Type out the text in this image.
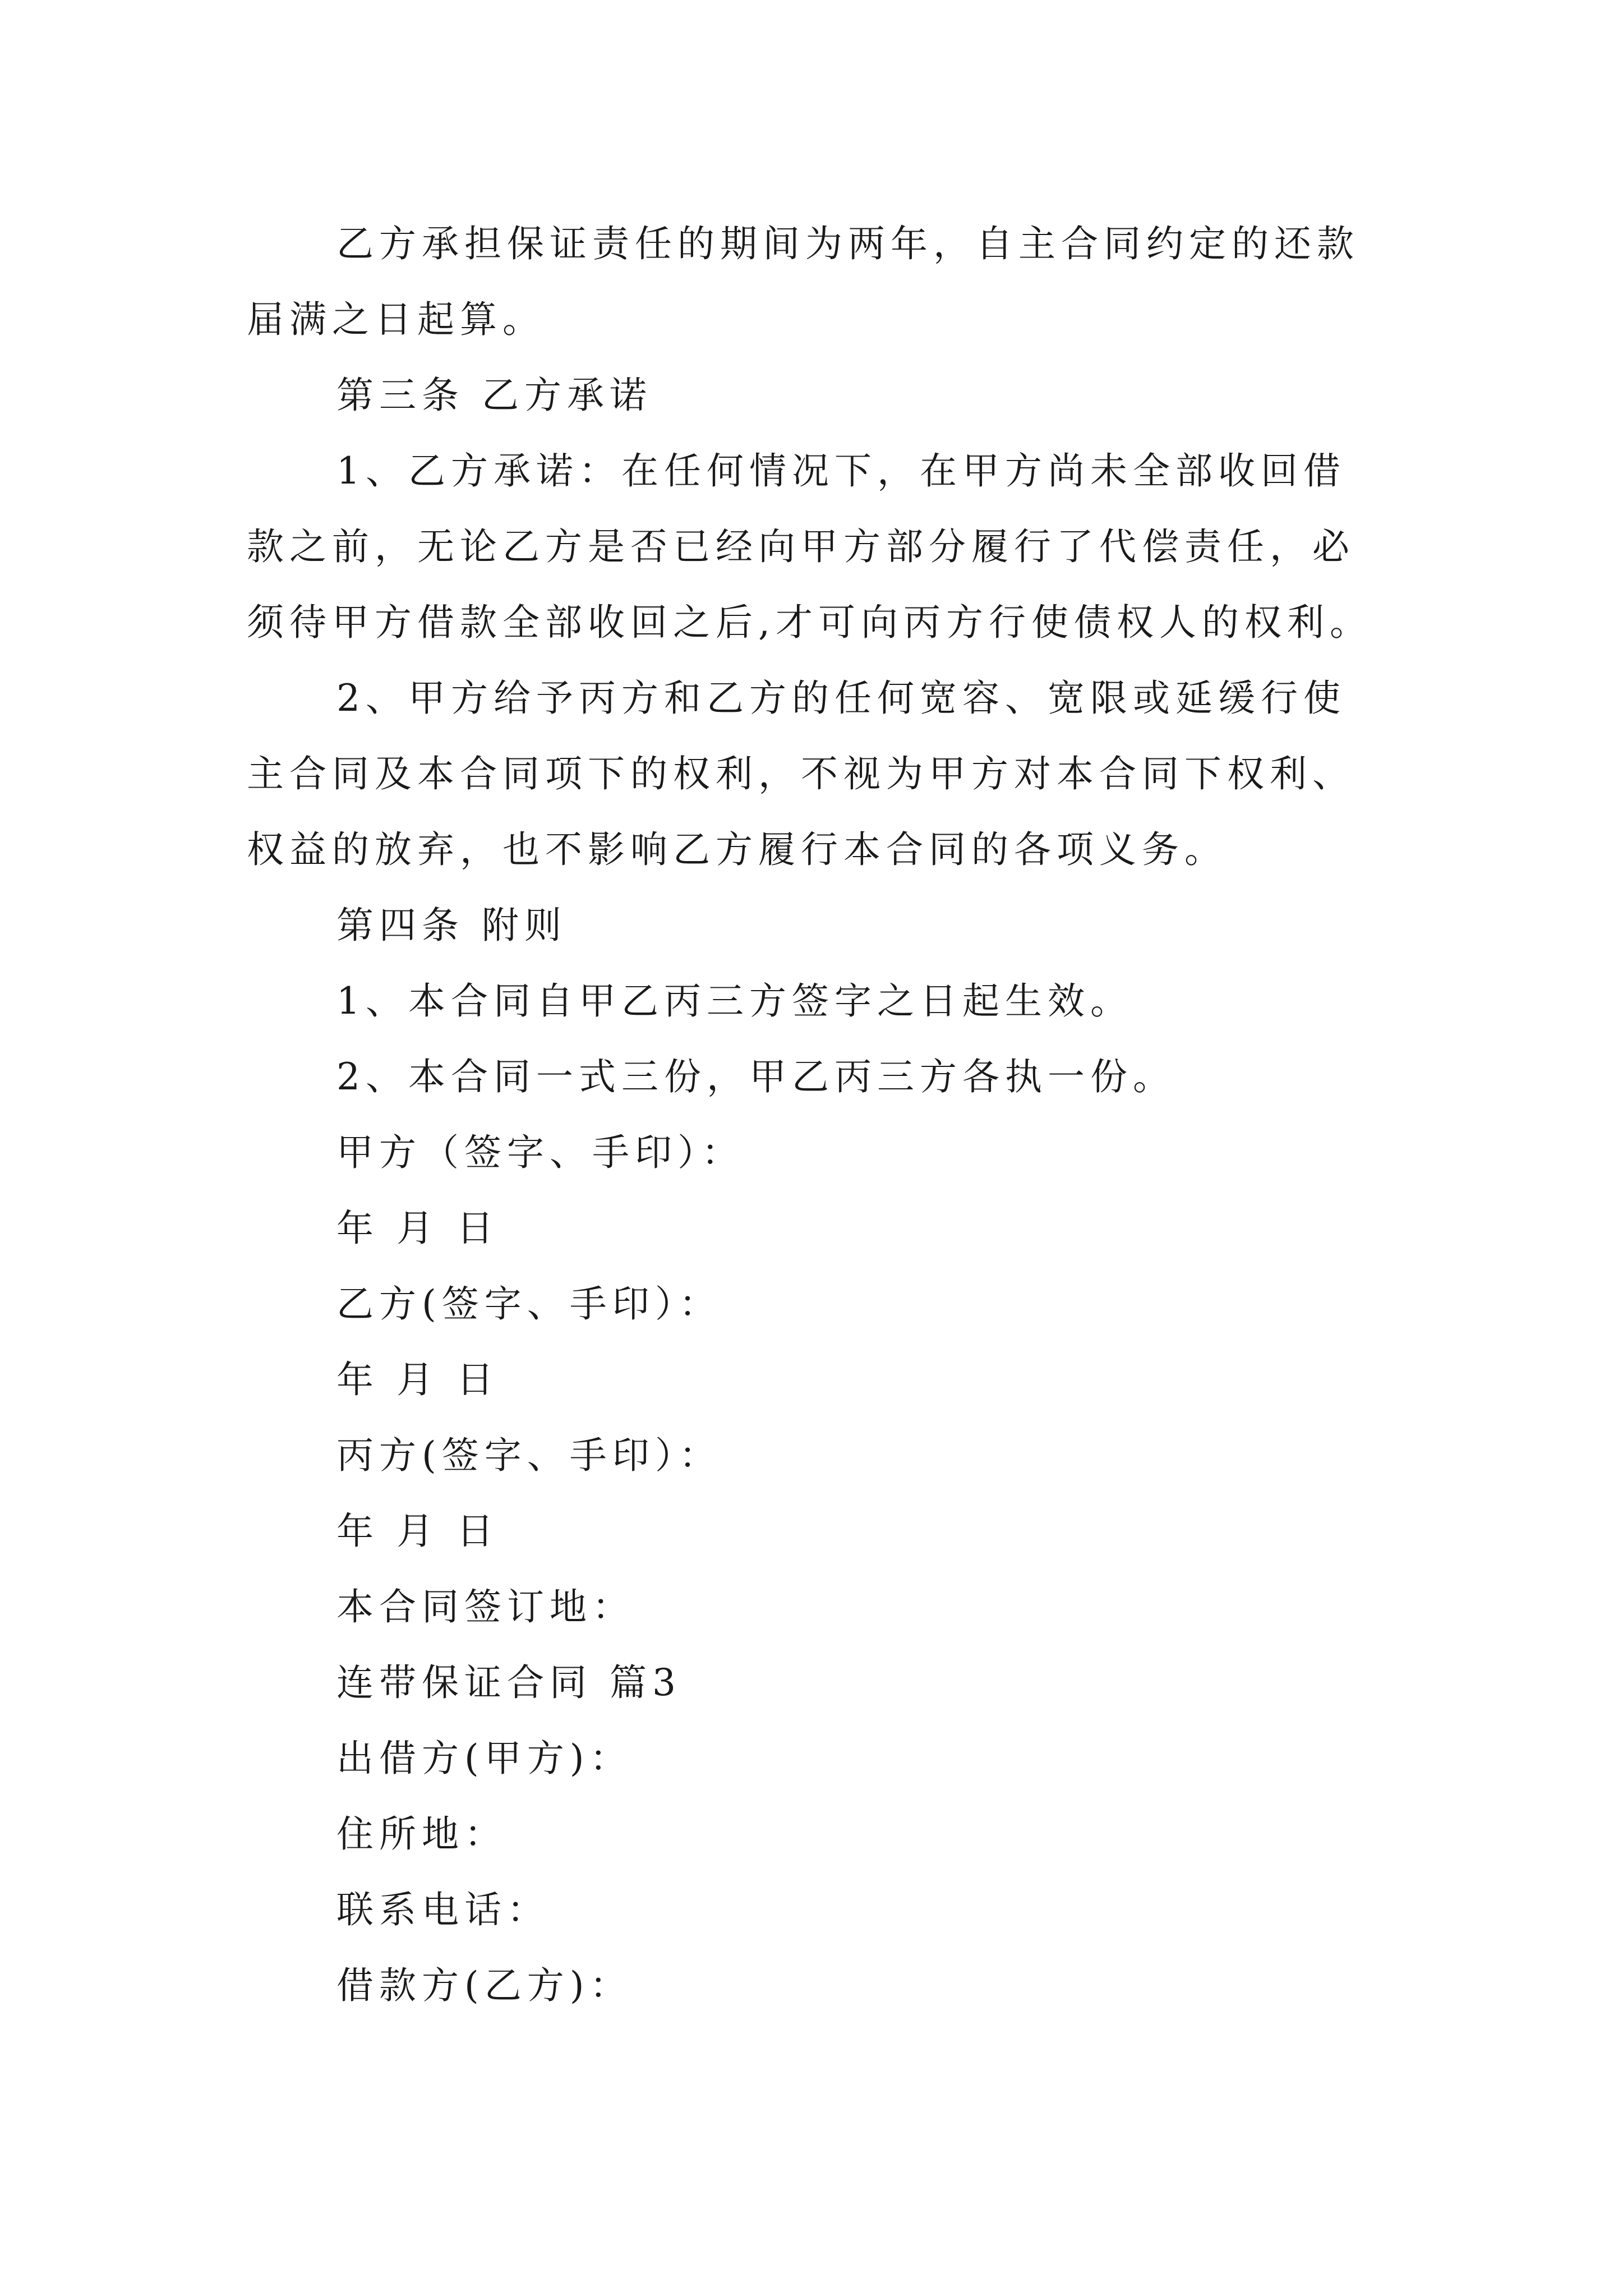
乙方承担保证责任的期间为两年，自主合同约定的还款
届满之日起算。
第三条 乙方承诺
1、乙方承诺：在任何情况下，在甲方尚未全部收回借
款之前，无论乙方是否已经向甲方部分履行了代偿责任，必
须待甲方借款全部收回之后,才可向丙方行使债权人的权利。
2、甲方给予丙方和乙方的任何宽容、宽限或延缓行使
主合同及本合同项下的权利，不视为甲方对本合同下权利、
权益的放弃，也不影响乙方履行本合同的各项义务。
第四条 附则
1、本合同自甲乙丙三方签字之日起生效。
2、本合同一式三份，甲乙丙三方各执一份。
甲方（签字、手印）：
年 月 日
乙方(签字、手印）：
年 月 日
丙方(签字、手印）：
年 月 日
本合同签订地：
连带保证合同 篇3
出借方(甲方)：
住所地：
联系电话：
借款方(乙方)：
